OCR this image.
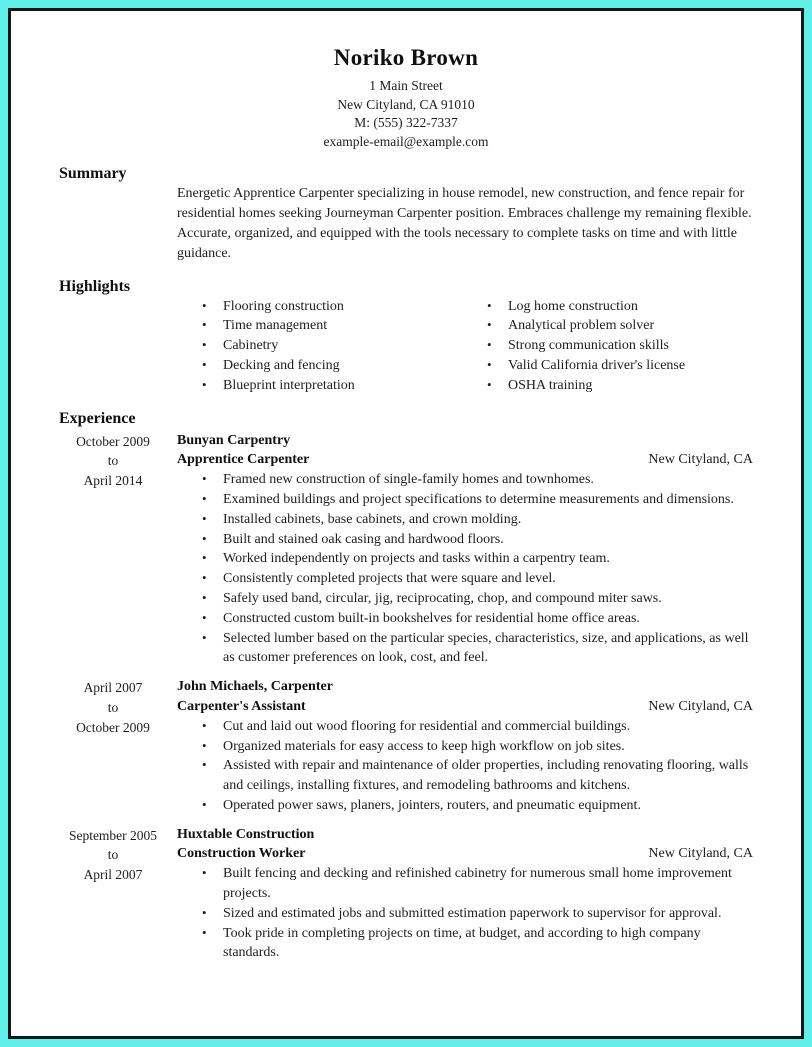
Noriko Brown
1 Main Street
New Cityland, CA 91010
M: (555) 322-7337
example-email@example.com
Summary

Energetic Apprentice Carpenter specializing in house remodel, new construction, and fence repair for residential homes seeking Journeyman Carpenter position. Embraces challenge my remaining flexible. Accurate, organized, and equipped with the tools necessary to complete tasks on time and with little guidance.

Highlights
• Flooring construction
• Time management
• Cabinetry
• Decking and fencing
• Blueprint interpretation
• Log home construction
• Analytical problem solver
• Strong communication skills
• Valid California driver's license
• OSHA training
Experience
October 2009
to
April 2014
Bunyan Carpentry
Apprentice Carpenter	New Cityland, CA
• Framed new construction of single-family homes and townhomes.
• Examined buildings and project specifications to determine measurements and dimensions.
• Installed cabinets, base cabinets, and crown molding.
• Built and stained oak casing and hardwood floors.
• Worked independently on projects and tasks within a carpentry team.
• Consistently completed projects that were square and level.
• Safely used band, circular, jig, reciprocating, chop, and compound miter saws.
• Constructed custom built-in bookshelves for residential home office areas.
• Selected lumber based on the particular species, characteristics, size, and applications, as well as customer preferences on look, cost, and feel.
April 2007
to
October 2009
John Michaels, Carpenter
Carpenter's Assistant	New Cityland, CA
• Cut and laid out wood flooring for residential and commercial buildings.
• Organized materials for easy access to keep high workflow on job sites.
• Assisted with repair and maintenance of older properties, including renovating flooring, walls and ceilings, installing fixtures, and remodeling bathrooms and kitchens.
• Operated power saws, planers, jointers, routers, and pneumatic equipment.
September 2005
to
April 2007
Huxtable Construction
Construction Worker	New Cityland, CA
• Built fencing and decking and refinished cabinetry for numerous small home improvement projects.
• Sized and estimated jobs and submitted estimation paperwork to supervisor for approval.
• Took pride in completing projects on time, at budget, and according to high company standards.
